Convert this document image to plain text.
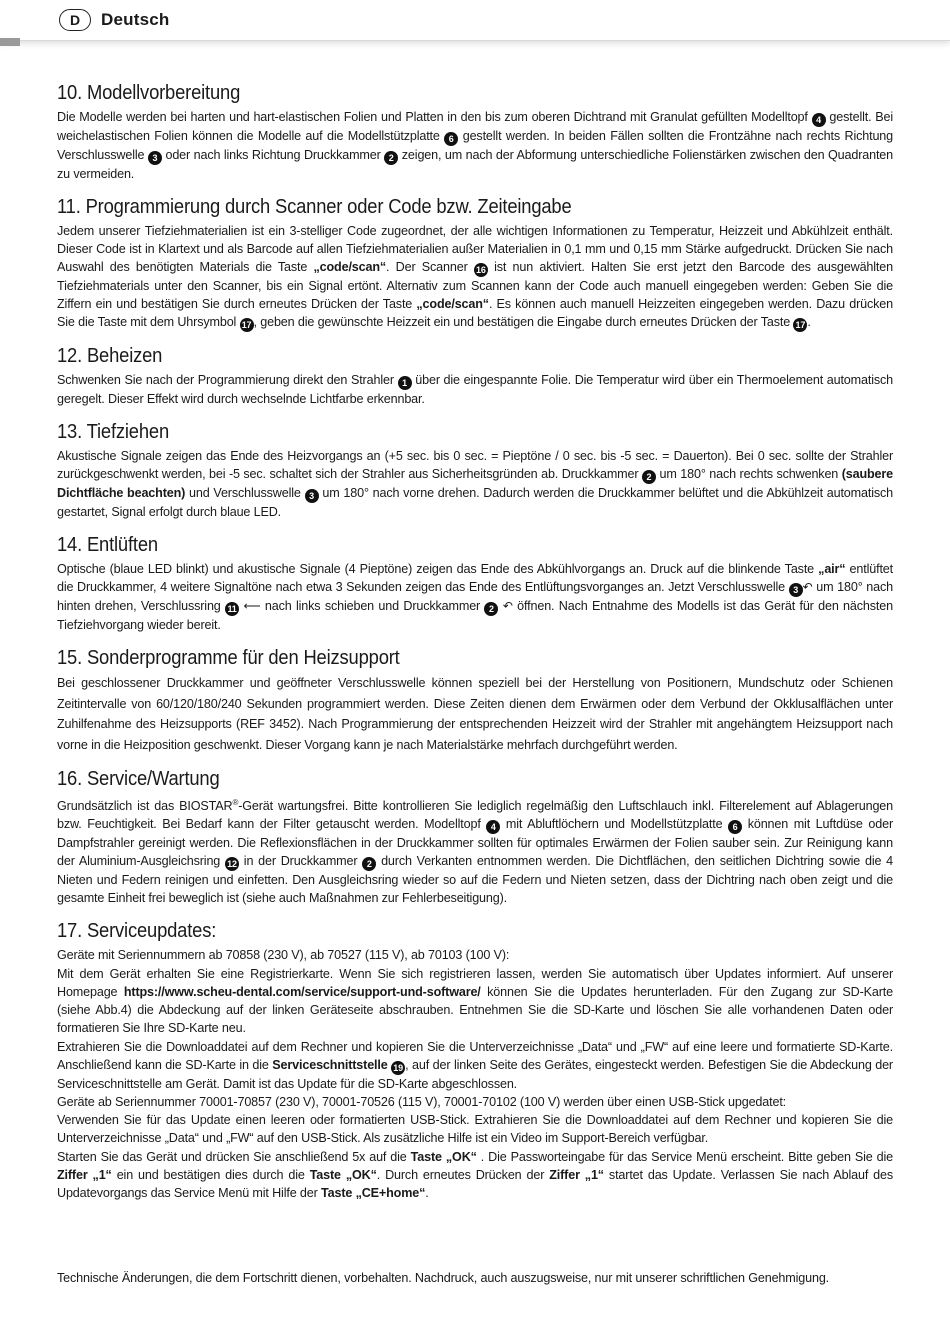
D	Deutsch
10. Modellvorbereitung

Die Modelle werden bei harten und hart-elastischen Folien und Platten in den bis zum oberen Dichtrand mit Granulat gefüllten Modelltopf 4 gestellt. Bei weichelastischen Folien können die Modelle auf die Modellstützplatte 6 gestellt werden. In beiden Fällen sollten die Frontzähne nach rechts Richtung Verschlusswelle 3 oder nach links Richtung Druckkammer 2 zeigen, um nach der Abformung unterschiedliche Folienstärken zwischen den Quadranten zu vermeiden.

11. Programmierung durch Scanner oder Code bzw. Zeiteingabe

Jedem unserer Tiefziehmaterialien ist ein 3-stelliger Code zugeordnet, der alle wichtigen Informationen zu Temperatur, Heizzeit und Abkühlzeit enthält. Dieser Code ist in Klartext und als Barcode auf allen Tiefziehmaterialien außer Materialien in 0,1 mm und 0,15 mm Stärke aufgedruckt. Drücken Sie nach Auswahl des benötigten Materials die Taste „code/scan“. Der Scanner 16 ist nun aktiviert. Halten Sie erst jetzt den Barcode des ausgewählten Tiefziehmaterials unter den Scanner, bis ein Signal ertönt. Alternativ zum Scannen kann der Code auch manuell eingegeben werden: Geben Sie die Ziffern ein und bestätigen Sie durch erneutes Drücken der Taste „code/scan“. Es können auch manuell Heizzeiten eingegeben werden. Dazu drücken Sie die Taste mit dem Uhrsymbol 17 , geben die gewünschte Heizzeit ein und bestätigen die Eingabe durch erneutes Drücken der Taste 17 .

12. Beheizen

Schwenken Sie nach der Programmierung direkt den Strahler 1 über die eingespannte Folie. Die Temperatur wird über ein Thermoelement automatisch geregelt. Dieser Effekt wird durch wechselnde Lichtfarbe erkennbar.

13. Tiefziehen

Akustische Signale zeigen das Ende des Heizvorgangs an (+5 sec. bis 0 sec. = Pieptöne / 0 sec. bis -5 sec. = Dauerton). Bei 0 sec. sollte der Strahler zurückgeschwenkt werden, bei -5 sec. schaltet sich der Strahler aus Sicherheitsgründen ab. Druckkammer 2 um 180° nach rechts schwenken (saubere Dichtfläche beachten) und Verschlusswelle 3 um 180° nach vorne drehen. Dadurch werden die Druckkammer belüftet und die Abkühlzeit automatisch gestartet, Signal erfolgt durch blaue LED.

14. Entlüften

Optische (blaue LED blinkt) und akustische Signale (4 Pieptöne) zeigen das Ende des Abkühlvorgangs an. Druck auf die blinkende Taste „air“ entlüftet die Druckkammer, 4 weitere Signaltöne nach etwa 3 Sekunden zeigen das Ende des Entlüftungsvorganges an. Jetzt Verschlusswelle 3 ↶ um 180° nach hinten drehen, Verschlussring 11 ⟵ nach links schieben und Druckkammer 2 ↶ öffnen. Nach Entnahme des Modells ist das Gerät für den nächsten Tiefziehvorgang wieder bereit.

15. Sonderprogramme für den Heizsupport

Bei geschlossener Druckkammer und geöffneter Verschlusswelle können speziell bei der Herstellung von Positionern, Mundschutz oder Schienen Zeitintervalle von 60/120/180/240 Sekunden programmiert werden. Diese Zeiten dienen dem Erwärmen oder dem Verbund der Okklusalflächen unter Zuhilfenahme des Heizsupports (REF 3452). Nach Programmierung der entsprechenden Heizzeit wird der Strahler mit angehängtem Heizsupport nach vorne in die Heizposition geschwenkt. Dieser Vorgang kann je nach Materialstärke mehrfach durchgeführt werden.

16. Service/Wartung

Grundsätzlich ist das BIOSTAR®-Gerät wartungsfrei. Bitte kontrollieren Sie lediglich regelmäßig den Luftschlauch inkl. Filterelement auf Ablagerungen bzw. Feuchtigkeit. Bei Bedarf kann der Filter getauscht werden. Modelltopf 4 mit Abluftlöchern und Modellstützplatte 6 können mit Luftdüse oder Dampfstrahler gereinigt werden. Die Reflexionsflächen in der Druckkammer sollten für optimales Erwärmen der Folien sauber sein. Zur Reinigung kann der Aluminium-Ausgleichsring 12 in der Druckkammer 2 durch Verkanten entnommen werden. Die Dichtflächen, den seitlichen Dichtring sowie die 4 Nieten und Federn reinigen und einfetten. Den Ausgleichsring wieder so auf die Federn und Nieten setzen, dass der Dichtring nach oben zeigt und die gesamte Einheit frei beweglich ist (siehe auch Maßnahmen zur Fehlerbeseitigung).

17. Serviceupdates:

Geräte mit Seriennummern ab 70858 (230 V), ab 70527 (115 V), ab 70103 (100 V):

Mit dem Gerät erhalten Sie eine Registrierkarte. Wenn Sie sich registrieren lassen, werden Sie automatisch über Updates informiert. Auf unserer Homepage https://www.scheu-dental.com/service/support-und-software/ können Sie die Updates herunterladen. Für den Zugang zur SD-Karte (siehe Abb.4) die Abdeckung auf der linken Geräteseite abschrauben. Entnehmen Sie die SD-Karte und löschen Sie alle vorhandenen Daten oder formatieren Sie Ihre SD-Karte neu.

Extrahieren Sie die Downloaddatei auf dem Rechner und kopieren Sie die Unterverzeichnisse „Data“ und „FW“ auf eine leere und formatierte SD-Karte. Anschließend kann die SD-Karte in die Serviceschnittstelle 19 , auf der linken Seite des Gerätes, eingesteckt werden. Befestigen Sie die Abdeckung der Serviceschnittstelle am Gerät. Damit ist das Update für die SD-Karte abgeschlossen.

Geräte ab Seriennummer 70001-70857 (230 V), 70001-70526 (115 V), 70001-70102 (100 V) werden über einen USB-Stick upgedatet:

Verwenden Sie für das Update einen leeren oder formatierten USB-Stick. Extrahieren Sie die Downloaddatei auf dem Rechner und kopieren Sie die Unterverzeichnisse „Data“ und „FW“ auf den USB-Stick. Als zusätzliche Hilfe ist ein Video im Support-Bereich verfügbar.

Starten Sie das Gerät und drücken Sie anschließend 5x auf die Taste „OK“ . Die Passworteingabe für das Service Menü erscheint. Bitte geben Sie die Ziffer „1“ ein und bestätigen dies durch die Taste „OK“. Durch erneutes Drücken der Ziffer „1“ startet das Update. Verlassen Sie nach Ablauf des Updatevorgangs das Service Menü mit Hilfe der Taste „CE+home“.

Technische Änderungen, die dem Fortschritt dienen, vorbehalten. Nachdruck, auch auszugsweise, nur mit unserer schriftlichen Genehmigung.
